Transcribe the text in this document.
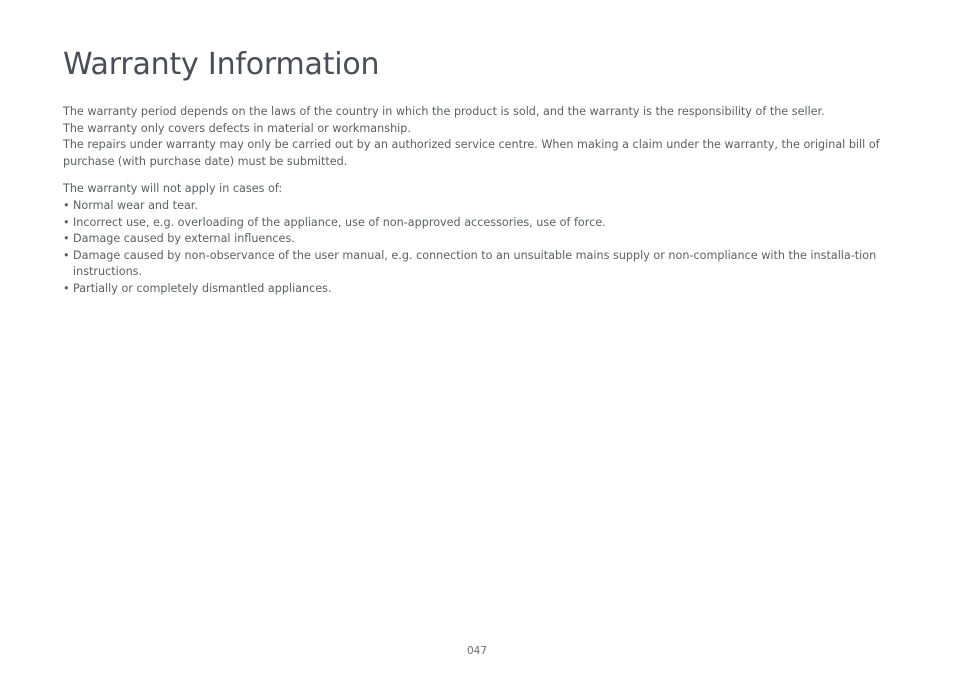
Warranty Information

The warranty period depends on the laws of the country in which the product is sold, and the warranty is the responsibility of the seller.

The warranty only covers defects in material or workmanship.

The repairs under warranty may only be carried out by an authorized service centre. When making a claim under the warranty, the original bill of purchase (with purchase date) must be submitted.

The warranty will not apply in cases of:

• Normal wear and tear.
• Incorrect use, e.g. overloading of the appliance, use of non-approved accessories, use of force.
• Damage caused by external influences.
• Damage caused by non-observance of the user manual, e.g. connection to an unsuitable mains supply or non-compliance with the installa-tion instructions.
• Partially or completely dismantled appliances.
047
